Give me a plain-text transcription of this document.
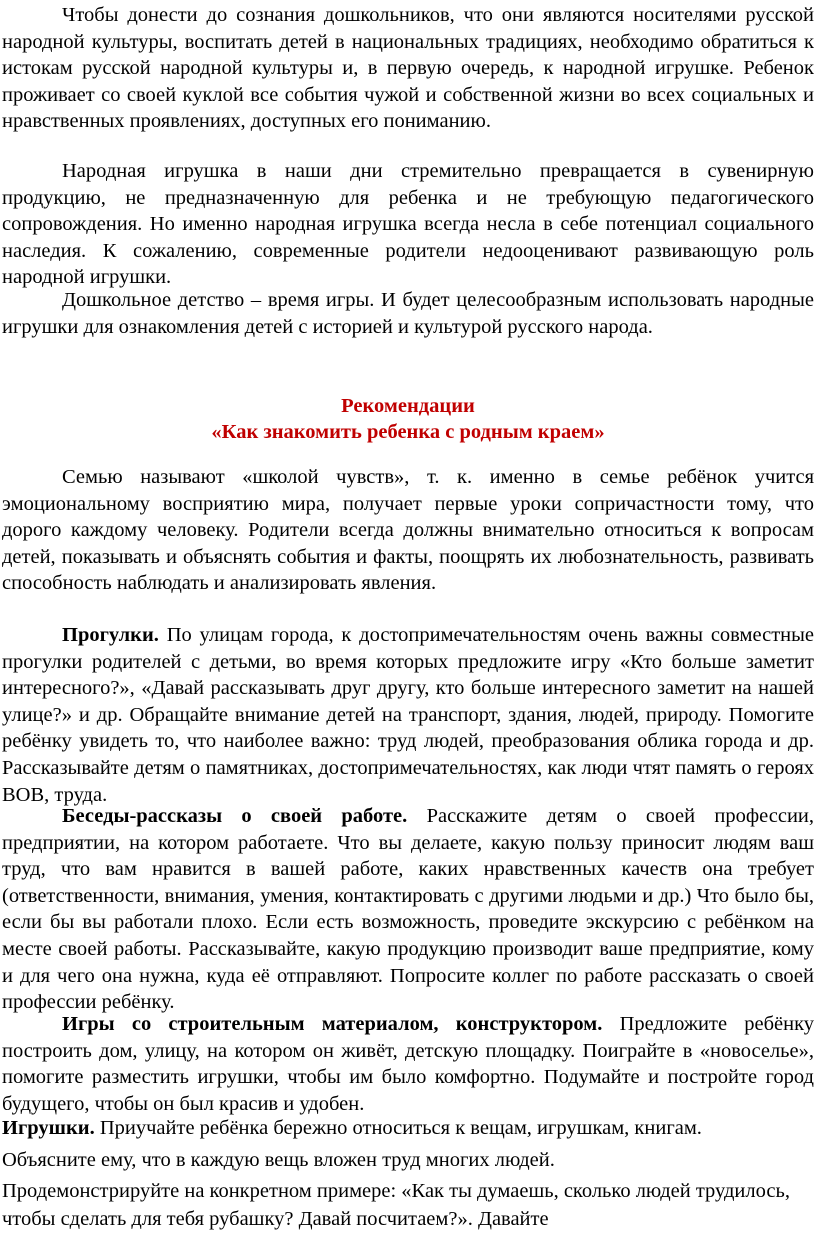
Чтобы донести до сознания дошкольников, что они являются носителями русской народной культуры, воспитать детей в национальных традициях, необходимо обратиться к истокам русской народной культуры и, в первую очередь, к народной игрушке. Ребенок проживает со своей куклой все события чужой и собственной жизни во всех социальных и нравственных проявлениях, доступных его пониманию.

Народная игрушка в наши дни стремительно превращается в сувенирную продукцию, не предназначенную для ребенка и не требующую педагогического сопровождения. Но именно народная игрушка всегда несла в себе потенциал социального наследия. К сожалению, современные родители недооценивают развивающую роль народной игрушки.

Дошкольное детство – время игры. И будет целесообразным использовать народные игрушки для ознакомления детей с историей и культурой русского народа.

Рекомендации
«Как знакомить ребенка с родным краем»

Семью называют «школой чувств», т. к. именно в семье ребёнок учится эмоциональному восприятию мира, получает первые уроки сопричастности тому, что дорого каждому человеку. Родители всегда должны внимательно относиться к вопросам детей, показывать и объяснять события и факты, поощрять их любознательность, развивать способность наблюдать и анализировать явления.

Прогулки. По улицам города, к достопримечательностям очень важны совместные прогулки родителей с детьми, во время которых предложите игру «Кто больше заметит интересного?», «Давай рассказывать друг другу, кто больше интересного заметит на нашей улице?» и др. Обращайте внимание детей на транспорт, здания, людей, природу. Помогите ребёнку увидеть то, что наиболее важно: труд людей, преобразования облика города и др. Рассказывайте детям о памятниках, достопримечательностях, как люди чтят память о героях ВОВ, труда.

Беседы-рассказы о своей работе. Расскажите детям о своей профессии, предприятии, на котором работаете. Что вы делаете, какую пользу приносит людям ваш труд, что вам нравится в вашей работе, каких нравственных качеств она требует (ответственности, внимания, умения, контактировать с другими людьми и др.) Что было бы, если бы вы работали плохо. Если есть возможность, проведите экскурсию с ребёнком на месте своей работы. Рассказывайте, какую продукцию производит ваше предприятие, кому и для чего она нужна, куда её отправляют. Попросите коллег по работе рассказать о своей профессии ребёнку.

Игры со строительным материалом, конструктором. Предложите ребёнку построить дом, улицу, на котором он живёт, детскую площадку. Поиграйте в «новоселье», помогите разместить игрушки, чтобы им было комфортно. Подумайте и постройте город будущего, чтобы он был красив и удобен.

Игрушки. Приучайте ребёнка бережно относиться к вещам, игрушкам, книгам.

Объясните ему, что в каждую вещь вложен труд многих людей.

Продемонстрируйте на конкретном примере: «Как ты думаешь, сколько людей трудилось, чтобы сделать для тебя рубашку? Давай посчитаем?». Давайте
